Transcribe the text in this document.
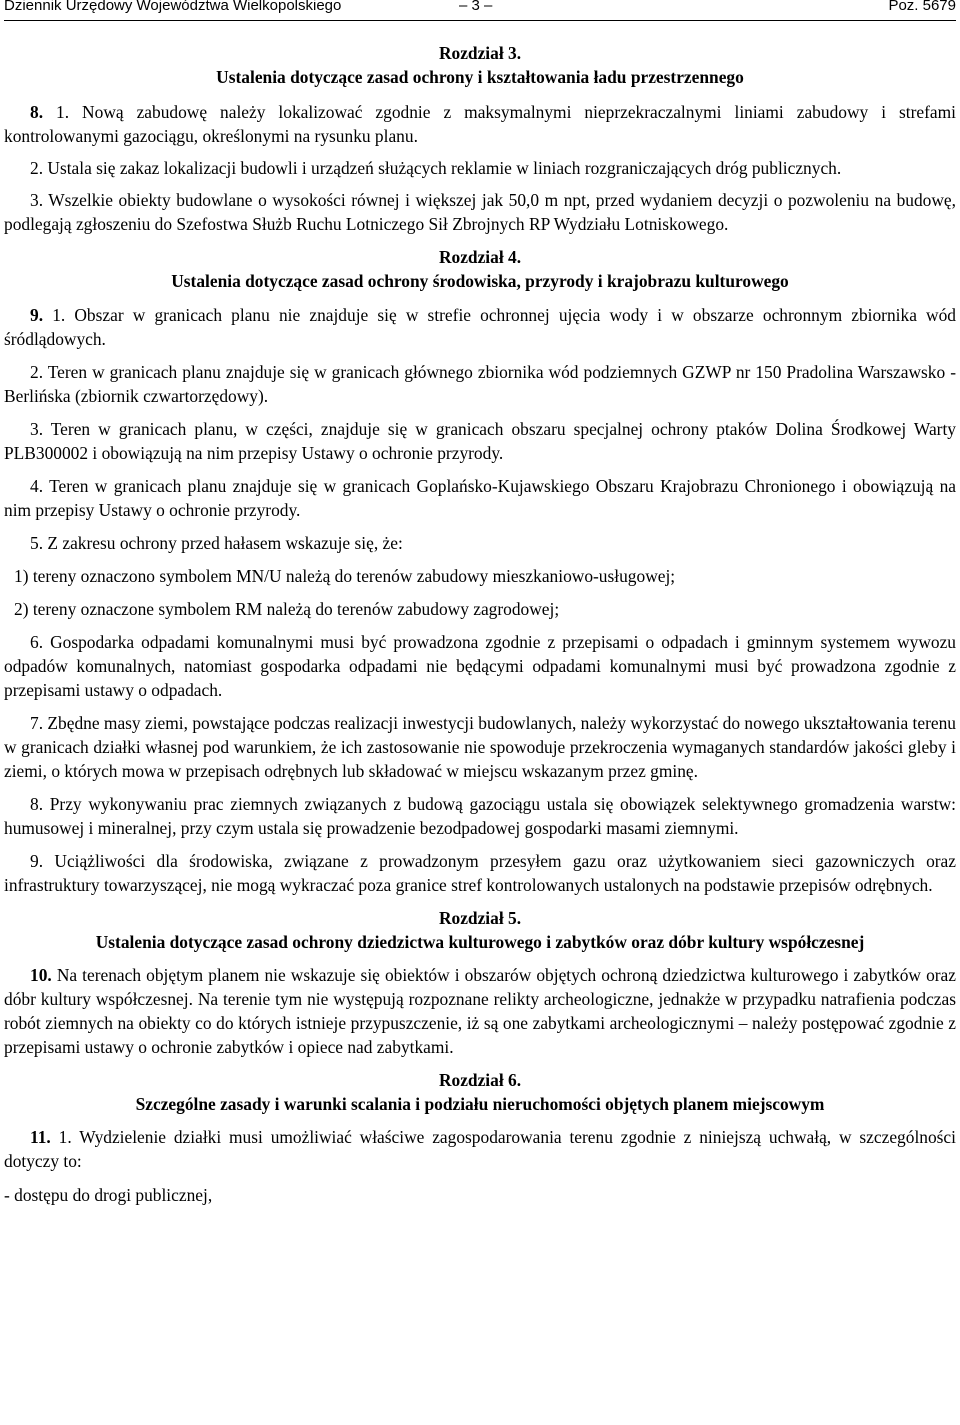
Dziennik Urzędowy Województwa Wielkopolskiego	– 3 –	Poz. 5679

Rozdział 3.

Ustalenia dotyczące zasad ochrony i kształtowania ładu przestrzennego

8. 1. Nową zabudowę należy lokalizować zgodnie z maksymalnymi nieprzekraczalnymi liniami zabudowy i strefami kontrolowanymi gazociągu, określonymi na rysunku planu.

2. Ustala się zakaz lokalizacji budowli i urządzeń służących reklamie w liniach rozgraniczających dróg publicznych.

3. Wszelkie obiekty budowlane o wysokości równej i większej jak 50,0 m npt, przed wydaniem decyzji o pozwoleniu na budowę, podlegają zgłoszeniu do Szefostwa Służb Ruchu Lotniczego Sił Zbrojnych RP Wydziału Lotniskowego.

Rozdział 4.

Ustalenia dotyczące zasad ochrony środowiska, przyrody i krajobrazu kulturowego

9. 1. Obszar w granicach planu nie znajduje się w strefie ochronnej ujęcia wody i w obszarze ochronnym zbiornika wód śródlądowych.

2. Teren w granicach planu znajduje się w granicach głównego zbiornika wód podziemnych GZWP nr 150 Pradolina Warszawsko - Berlińska (zbiornik czwartorzędowy).

3. Teren w granicach planu, w części, znajduje się w granicach obszaru specjalnej ochrony ptaków Dolina Środkowej Warty PLB300002 i obowiązują na nim przepisy Ustawy o ochronie przyrody.

4. Teren w granicach planu znajduje się w granicach Goplańsko-Kujawskiego Obszaru Krajobrazu Chronionego i obowiązują na nim przepisy Ustawy o ochronie przyrody.

5. Z zakresu ochrony przed hałasem wskazuje się, że:

1) tereny oznaczono symbolem MN/U należą do terenów zabudowy mieszkaniowo-usługowej;

2) tereny oznaczone symbolem RM należą do terenów zabudowy zagrodowej;

6. Gospodarka odpadami komunalnymi musi być prowadzona zgodnie z przepisami o odpadach i gminnym systemem wywozu odpadów komunalnych, natomiast gospodarka odpadami nie będącymi odpadami komunalnymi musi być prowadzona zgodnie z przepisami ustawy o odpadach.

7. Zbędne masy ziemi, powstające podczas realizacji inwestycji budowlanych, należy wykorzystać do nowego ukształtowania terenu w granicach działki własnej pod warunkiem, że ich zastosowanie nie spowoduje przekroczenia wymaganych standardów jakości gleby i ziemi, o których mowa w przepisach odrębnych lub składować w miejscu wskazanym przez gminę.

8. Przy wykonywaniu prac ziemnych związanych z budową gazociągu ustala się obowiązek selektywnego gromadzenia warstw: humusowej i mineralnej, przy czym ustala się prowadzenie bezodpadowej gospodarki masami ziemnymi.

9. Uciążliwości dla środowiska, związane z prowadzonym przesyłem gazu oraz użytkowaniem sieci gazowniczych oraz infrastruktury towarzyszącej, nie mogą wykraczać poza granice stref kontrolowanych ustalonych na podstawie przepisów odrębnych.

Rozdział 5.

Ustalenia dotyczące zasad ochrony dziedzictwa kulturowego i zabytków oraz dóbr kultury współczesnej

10. Na terenach objętym planem nie wskazuje się obiektów i obszarów objętych ochroną dziedzictwa kulturowego i zabytków oraz dóbr kultury współczesnej. Na terenie tym nie występują rozpoznane relikty archeologiczne, jednakże w przypadku natrafienia podczas robót ziemnych na obiekty co do których istnieje przypuszczenie, iż są one zabytkami archeologicznymi – należy postępować zgodnie z przepisami ustawy o ochronie zabytków i opiece nad zabytkami.

Rozdział 6.

Szczególne zasady i warunki scalania i podziału nieruchomości objętych planem miejscowym

11. 1. Wydzielenie działki musi umożliwiać właściwe zagospodarowania terenu zgodnie z niniejszą uchwałą, w szczególności dotyczy to:

- dostępu do drogi publicznej,
